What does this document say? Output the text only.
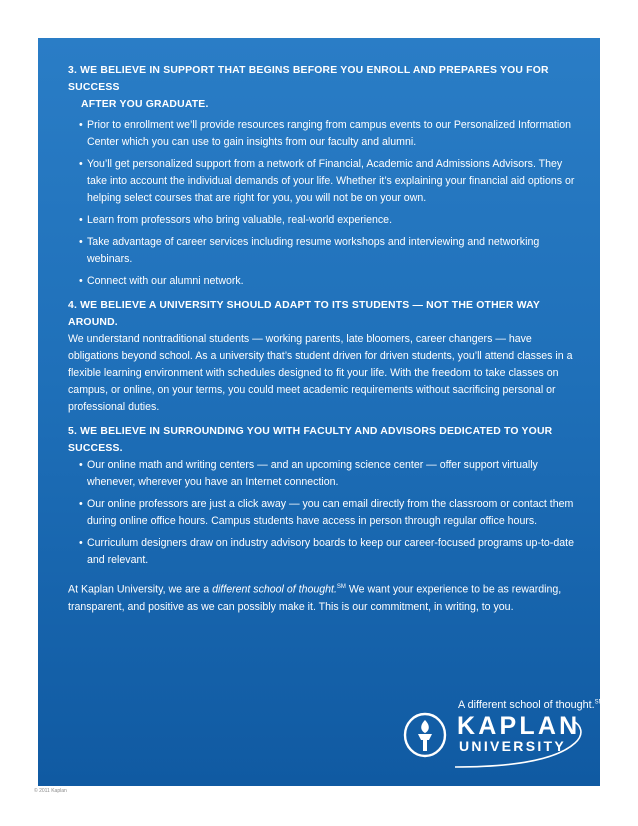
3. WE BELIEVE IN SUPPORT THAT BEGINS BEFORE YOU ENROLL AND PREPARES YOU FOR SUCCESS
AFTER YOU GRADUATE.
• Prior to enrollment we’ll provide resources ranging from campus events to our Personalized Information Center which you can use to gain insights from our faculty and alumni.
• You’ll get personalized support from a network of Financial, Academic and Admissions Advisors. They take into account the individual demands of your life. Whether it’s explaining your financial aid options or helping select courses that are right for you, you will not be on your own.
• Learn from professors who bring valuable, real-world experience.
• Take advantage of career services including resume workshops and interviewing and networking webinars.
• Connect with our alumni network.
4. WE BELIEVE A UNIVERSITY SHOULD ADAPT TO ITS STUDENTS — NOT THE OTHER WAY AROUND.

We understand nontraditional students — working parents, late bloomers, career changers — have obligations beyond school. As a university that’s student driven for driven students, you’ll attend classes in a flexible learning environment with schedules designed to fit your life. With the freedom to take classes on campus, or online, on your terms, you could meet academic requirements without sacrificing personal or professional duties.

5. WE BELIEVE IN SURROUNDING YOU WITH FACULTY AND ADVISORS DEDICATED TO YOUR SUCCESS.
• Our online math and writing centers — and an upcoming science center — offer support virtually whenever, wherever you have an Internet connection.
• Our online professors are just a click away — you can email directly from the classroom or contact them during online office hours. Campus students have access in person through regular office hours.
• Curriculum designers draw on industry advisory boards to keep our career-focused programs up-to-date and relevant.

At Kaplan University, we are a different school of thought.℠ We want your experience to be as rewarding, transparent, and positive as we can possibly make it. This is our commitment, in writing, to you.

A different school of thought.℠
KAPLAN
UNIVERSITY
© 2011 Kaplan
